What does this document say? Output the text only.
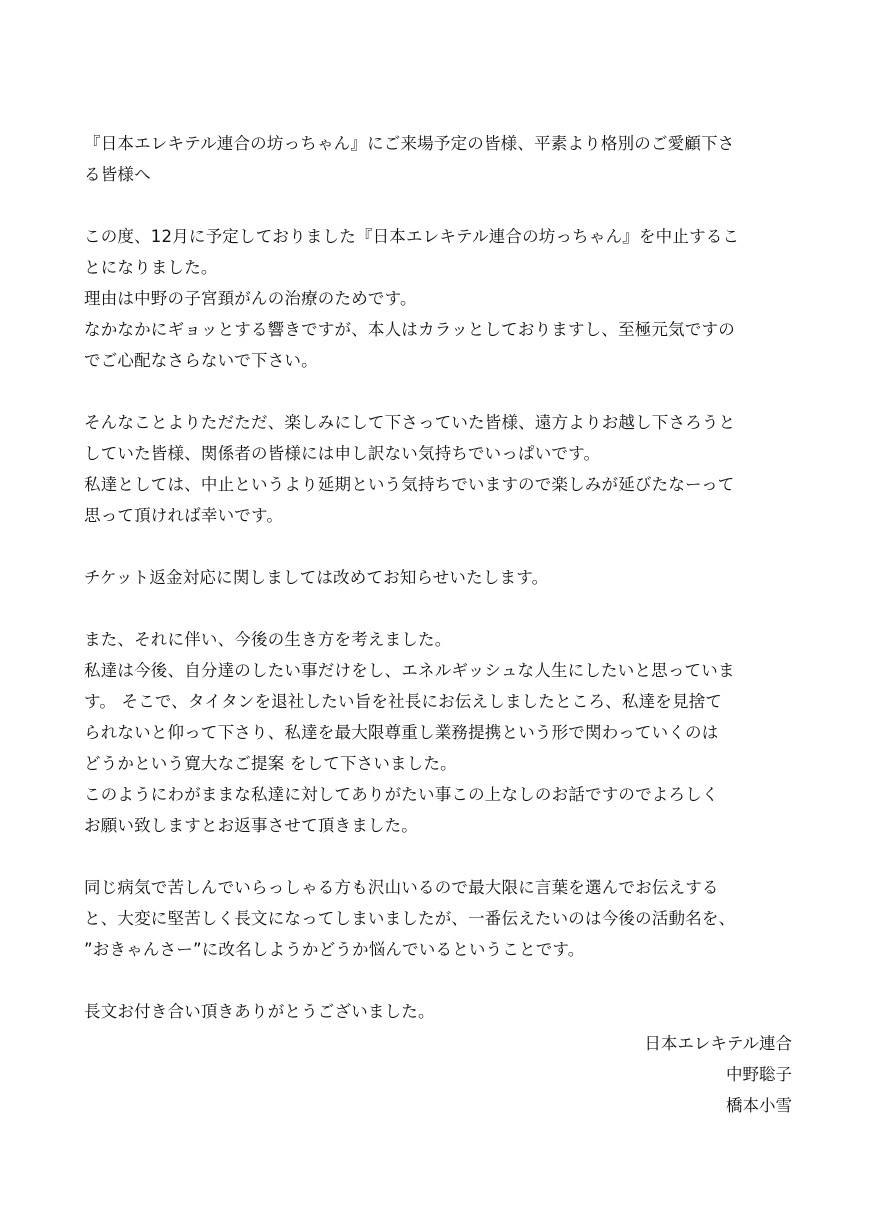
『日本エレキテル連合の坊っちゃん』にご来場予定の皆様、平素より格別のご愛顧下さ
る皆様へ

この度、12月に予定しておりました『日本エレキテル連合の坊っちゃん』を中止するこ
とになりました。
理由は中野の子宮頚がんの治療のためです。
なかなかにギョッとする響きですが、本人はカラッとしておりますし、至極元気ですの
でご心配なさらないで下さい。

そんなことよりただただ、楽しみにして下さっていた皆様、遠方よりお越し下さろうと
していた皆様、関係者の皆様には申し訳ない気持ちでいっぱいです。
私達としては、中止というより延期という気持ちでいますので楽しみが延びたなーって
思って頂ければ幸いです。

チケット返金対応に関しましては改めてお知らせいたします。

また、それに伴い、今後の生き方を考えました。
私達は今後、自分達のしたい事だけをし、エネルギッシュな人生にしたいと思っていま
す。 そこで、タイタンを退社したい旨を社長にお伝えしましたところ、私達を見捨て
られないと仰って下さり、私達を最大限尊重し業務提携という形で関わっていくのは
どうかという寛大なご提案 をして下さいました。
このようにわがままな私達に対してありがたい事この上なしのお話ですのでよろしく
お願い致しますとお返事させて頂きました。

同じ病気で苦しんでいらっしゃる方も沢山いるので最大限に言葉を選んでお伝えする
と、大変に堅苦しく長文になってしまいましたが、一番伝えたいのは今後の活動名を、
”おきゃんさー”に改名しようかどうか悩んでいるということです。

長文お付き合い頂きありがとうございました。

日本エレキテル連合
中野聡子
橋本小雪
